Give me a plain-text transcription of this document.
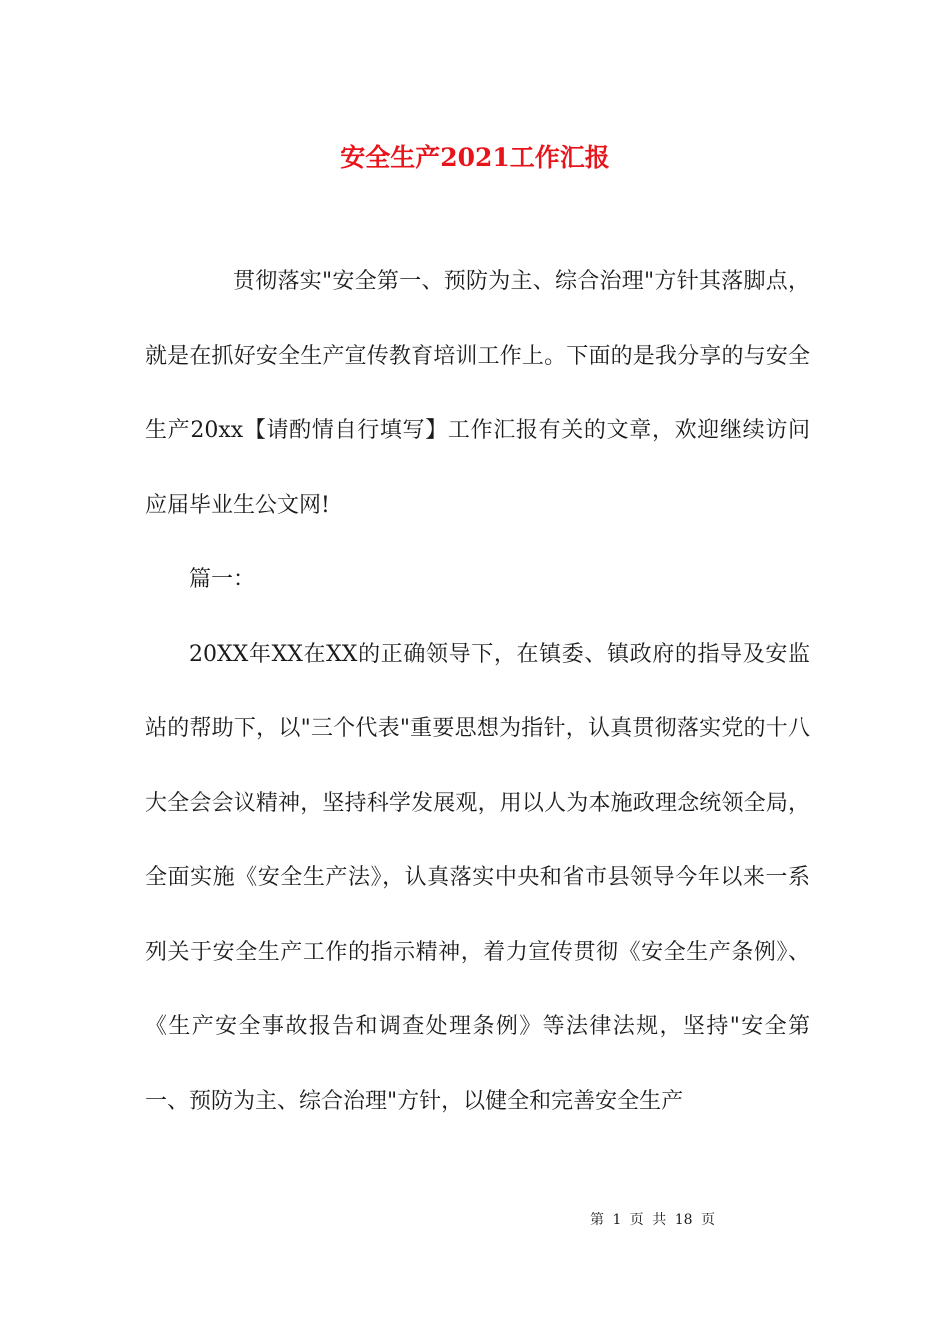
安全生产2021工作汇报

贯彻落实"安全第一、预防为主、综合治理"方针其落脚点，就是在抓好安全生产宣传教育培训工作上。下面的是我分享的与安全生产20xx【请酌情自行填写】工作汇报有关的文章，欢迎继续访问应届毕业生公文网!

篇一：

20XX年XX在XX的正确领导下，在镇委、镇政府的指导及安监站的帮助下，以"三个代表"重要思想为指针，认真贯彻落实党的十八大全会会议精神，坚持科学发展观，用以人为本施政理念统领全局，全面实施《安全生产法》，认真落实中央和省市县领导今年以来一系列关于安全生产工作的指示精神，着力宣传贯彻《安全生产条例》、《生产安全事故报告和调查处理条例》等法律法规，坚持"安全第一、预防为主、综合治理"方针，以健全和完善安全生产

第 1 页 共 18 页
